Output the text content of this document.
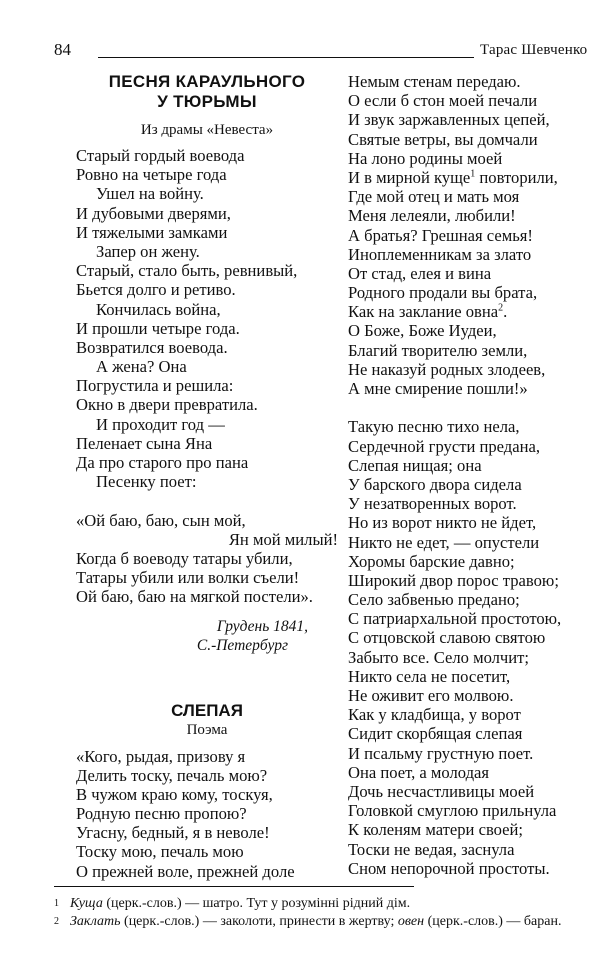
84	Тарас Шевченко
ПЕСНЯ КАРАУЛЬНОГО
У ТЮРЬМЫ
Из драмы «Невеста»
Старый гордый воевода
Ровно на четыре года
Ушел на войну.
И дубовыми дверями,
И тяжелыми замками
Запер он жену.
Старый, стало быть, ревнивый,
Бьется долго и ретиво.
Кончилась война,
И прошли четыре года.
Возвратился воевода.
А жена? Она
Погрустила и решила:
Окно в двери превратила.
И проходит год —
Пеленает сына Яна
Да про старого про пана
Песенку поет:
«Ой баю, баю, сын мой,
Ян мой милый!
Когда б воеводу татары убили,
Татары убили или волки съели!
Ой баю, баю на мягкой постели».
Грудень 1841,
С.-Петербург
СЛЕПАЯ
Поэма
«Кого, рыдая, призову я
Делить тоску, печаль мою?
В чужом краю кому, тоскуя,
Родную песню пропою?
Угасну, бедный, я в неволе!
Тоску мою, печаль мою
О прежней воле, прежней доле
Немым стенам передаю.
О если б стон моей печали
И звук заржавленных цепей,
Святые ветры, вы домчали
На лоно родины моей
И в мирной куще$^1$ повторили,
Где мой отец и мать моя
Меня лелеяли, любили!
А братья? Грешная семья!
Иноплеменникам за злато
От стад, елея и вина
Родного продали вы брата,
Как на заклание овна$^2$.
О Боже, Боже Иудеи,
Благий творителю земли,
Не наказуй родных злодеев,
А мне смирение пошли!»
Такую песню тихо нела,
Сердечной грусти предана,
Слепая нищая; она
У барского двора сидела
У незатворенных ворот.
Но из ворот никто не йдет,
Никто не едет, — опустели
Хоромы барские давно;
Широкий двор порос травою;
Село забвенью предано;
С патриархальной простотою,
С отцовской славою святою
Забыто все. Село молчит;
Никто села не посетит,
Не оживит его молвою.
Как у кладбища, у ворот
Сидит скорбящая слепая
И псальму грустную поет.
Она поет, а молодая
Дочь несчастливицы моей
Головкой смуглою прильнула
К коленям матери своей;
Тоски не ведая, заснула
Сном непорочной простоты.
1 Куща (церк.-слов.) — шатро. Тут у розумінні рідний дім.
2 Заклать (церк.-слов.) — заколоти, принести в жертву; овен (церк.-слов.) — баран.
